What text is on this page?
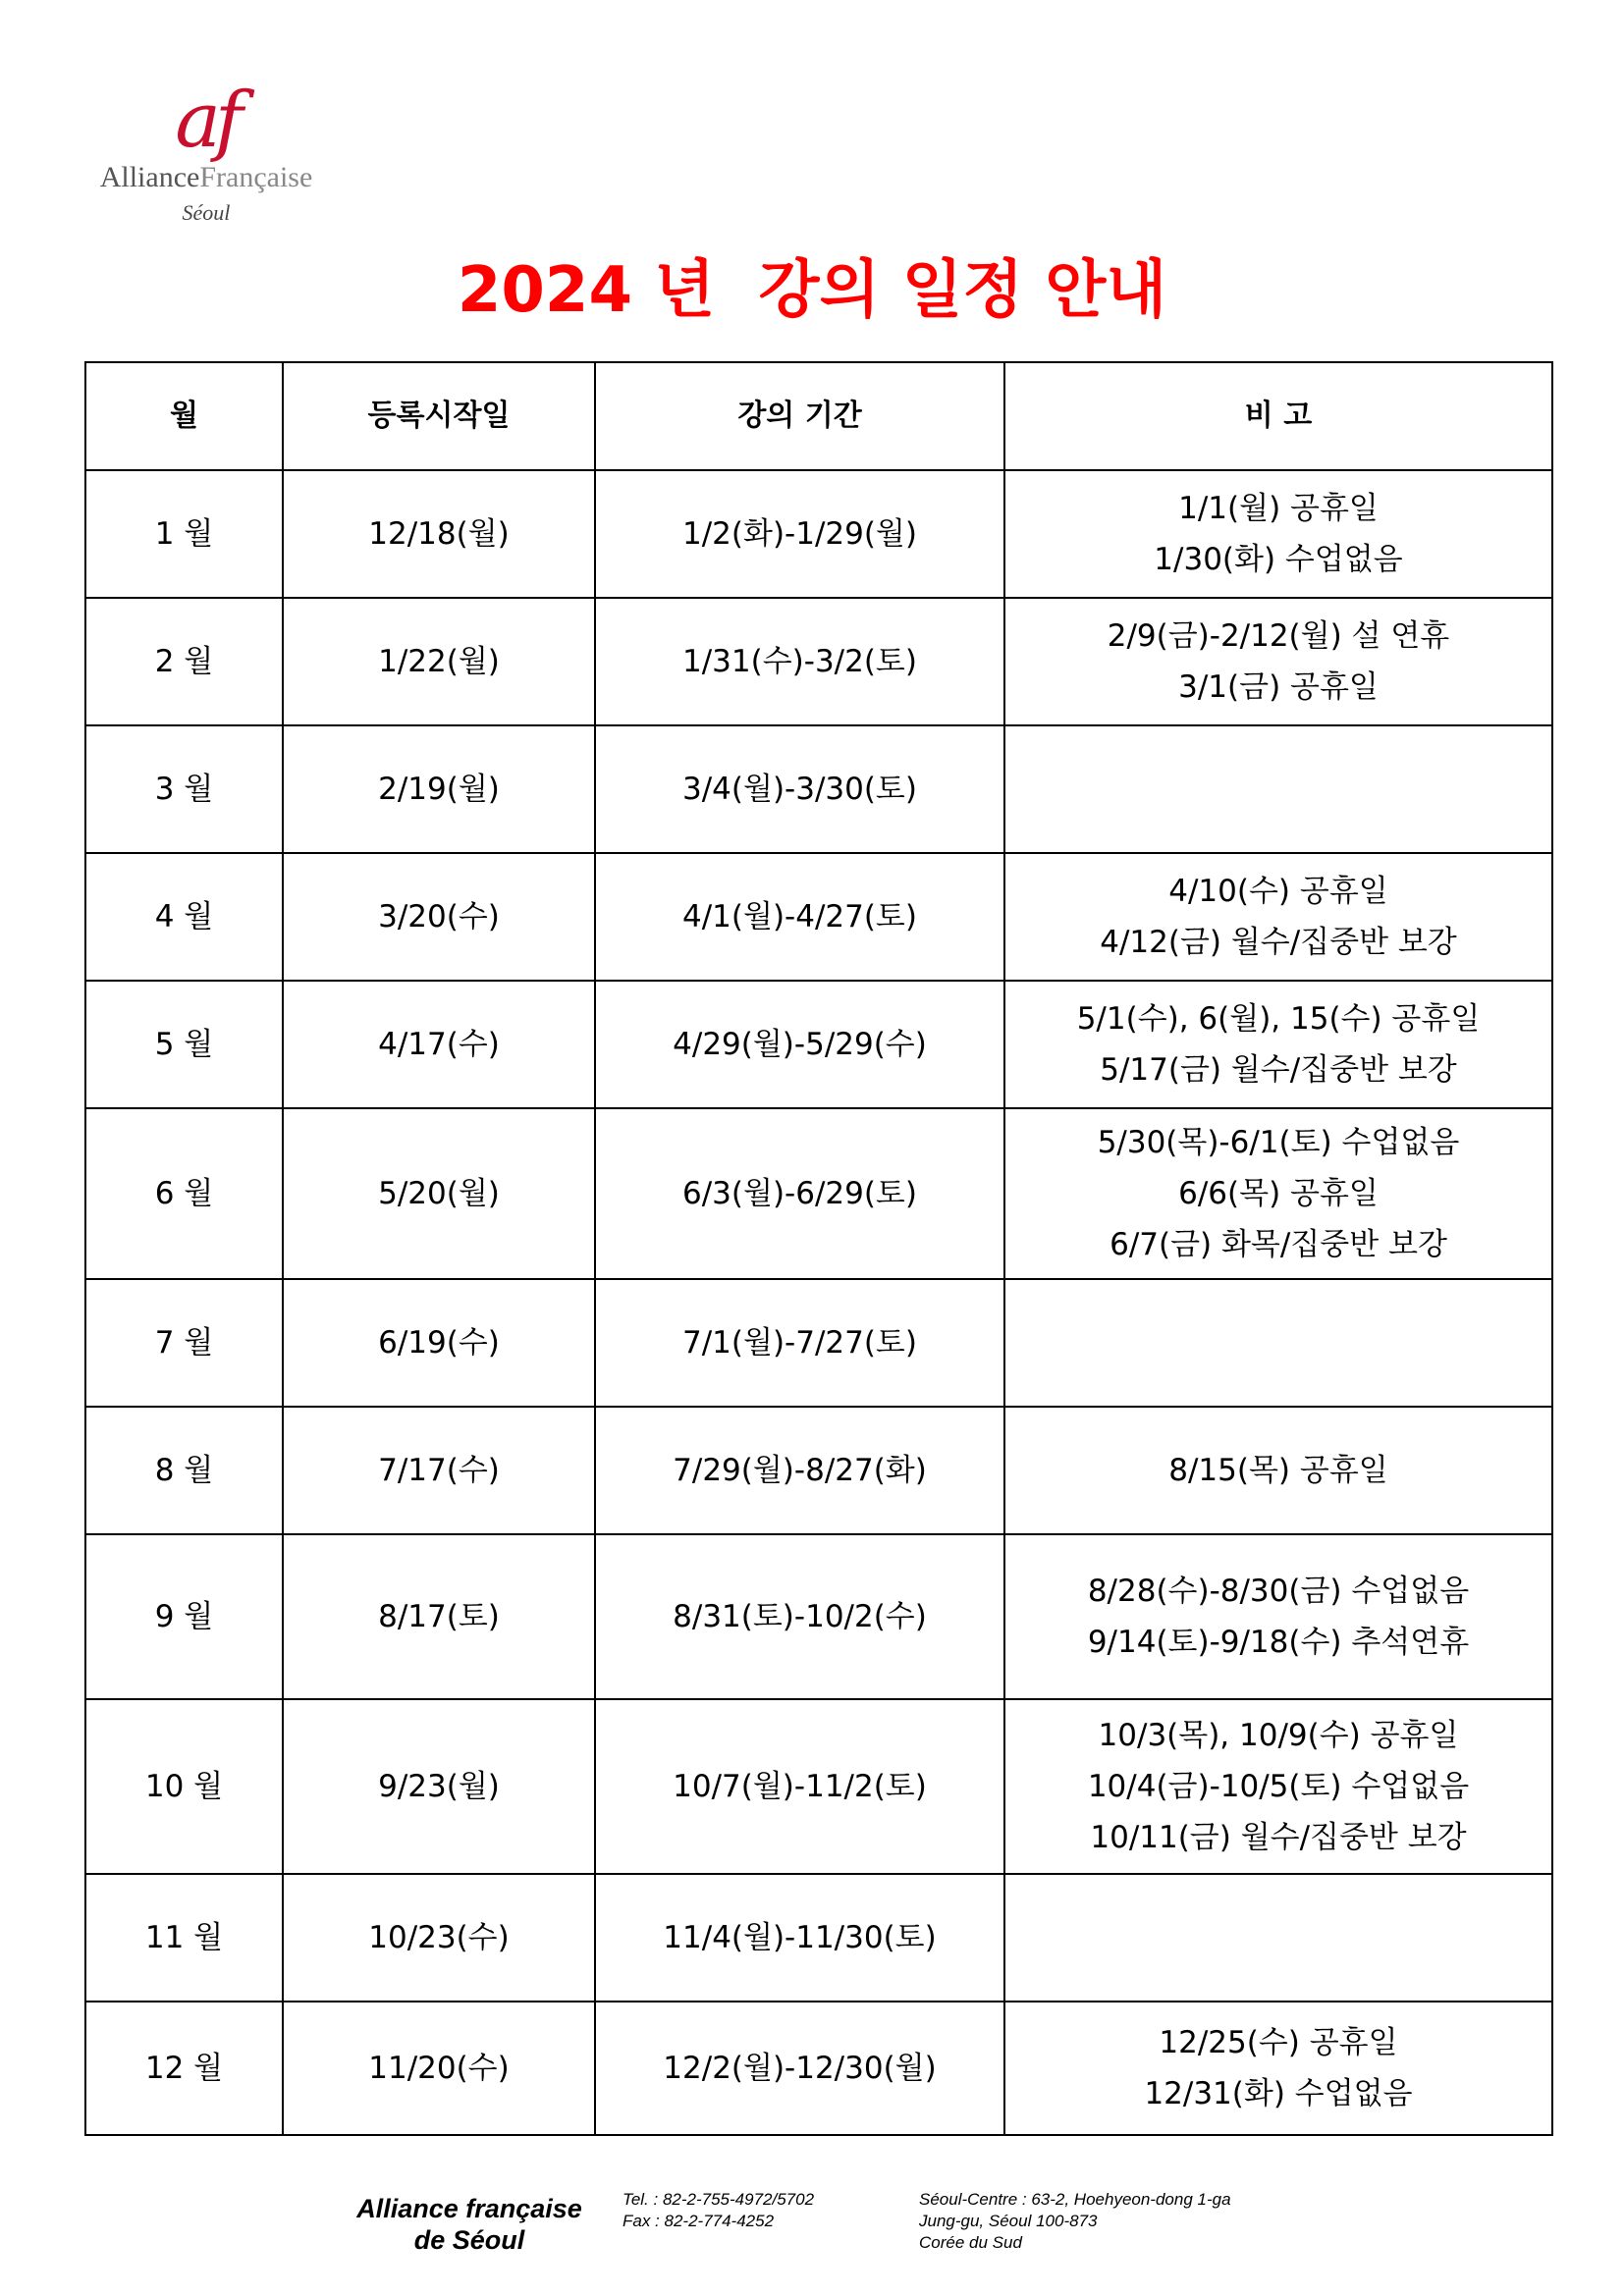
af
AllianceFrançaise
Séoul
2024 년  강의 일정 안내
월	등록시작일	강의 기간	비 고
1 월	12/18(월)	1/2(화)-1/29(월)	1/1(월) 공휴일
1/30(화) 수업없음

2 월	1/22(월)	1/31(수)-3/2(토)	2/9(금)-2/12(월) 설 연휴
3/1(금) 공휴일

3 월	2/19(월)	3/4(월)-3/30(토)	
4 월	3/20(수)	4/1(월)-4/27(토)	4/10(수) 공휴일
4/12(금) 월수/집중반 보강

5 월	4/17(수)	4/29(월)-5/29(수)	5/1(수), 6(월), 15(수) 공휴일
5/17(금) 월수/집중반 보강

6 월	5/20(월)	6/3(월)-6/29(토)	5/30(목)-6/1(토) 수업없음
6/6(목) 공휴일
6/7(금) 화목/집중반 보강

7 월	6/19(수)	7/1(월)-7/27(토)	
8 월	7/17(수)	7/29(월)-8/27(화)	8/15(목) 공휴일

9 월	8/17(토)	8/31(토)-10/2(수)	8/28(수)-8/30(금) 수업없음
9/14(토)-9/18(수) 추석연휴

10 월	9/23(월)	10/7(월)-11/2(토)	10/3(목), 10/9(수) 공휴일
10/4(금)-10/5(토) 수업없음
10/11(금) 월수/집중반 보강

11 월	10/23(수)	11/4(월)-11/30(토)	
12 월	11/20(수)	12/2(월)-12/30(월)	12/25(수) 공휴일
12/31(화) 수업없음
Alliance française
de Séoul
Tel. : 82-2-755-4972/5702
Fax : 82-2-774-4252
Séoul-Centre : 63-2, Hoehyeon-dong 1-ga
Jung-gu, Séoul 100-873
Corée du Sud
